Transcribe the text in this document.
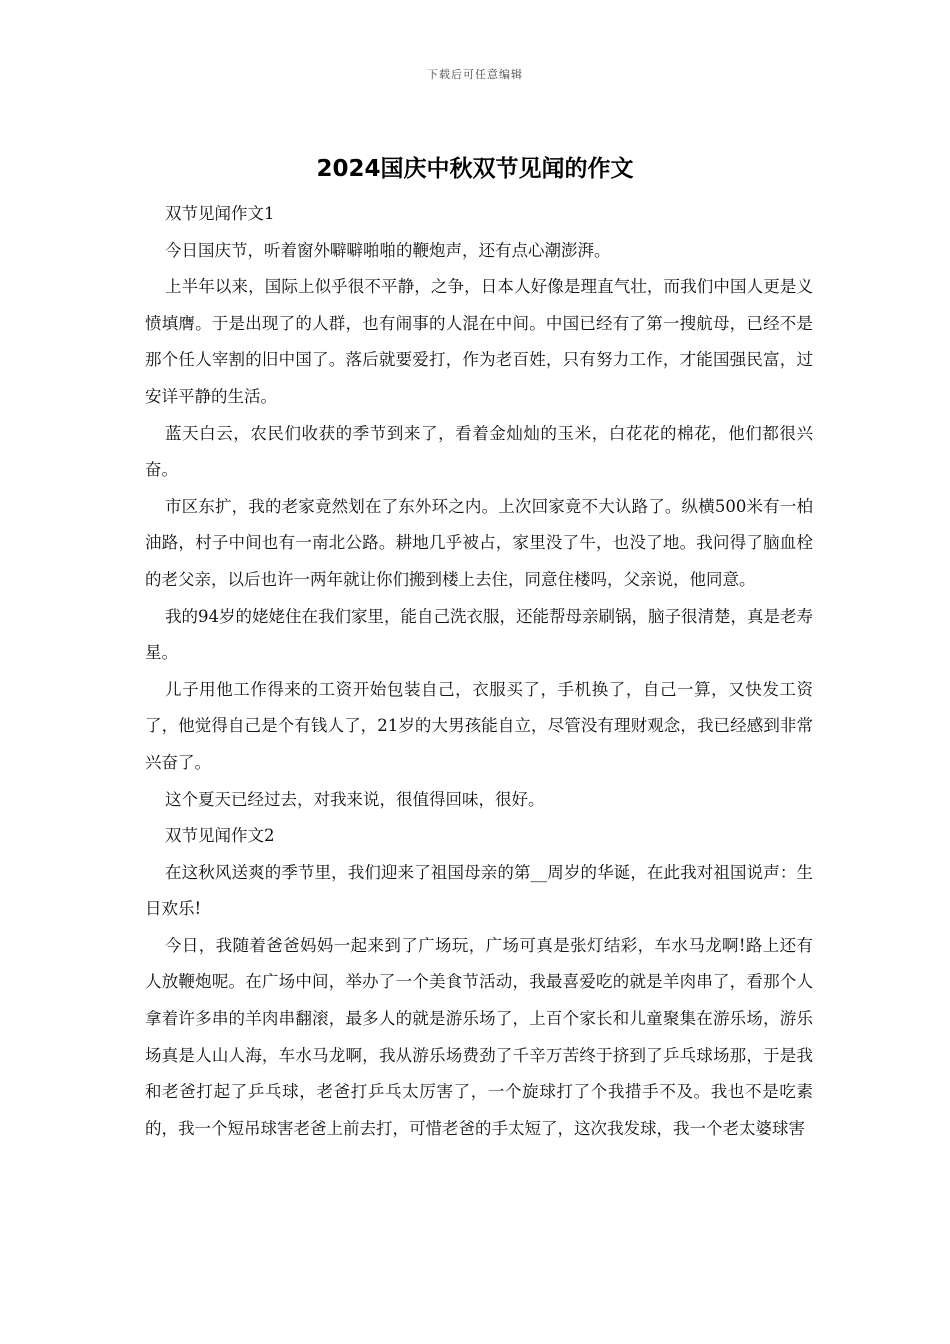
下载后可任意编辑
2024国庆中秋双节见闻的作文

双节见闻作文1

今日国庆节，听着窗外噼噼啪啪的鞭炮声，还有点心潮澎湃。

上半年以来，国际上似乎很不平静，之争，日本人好像是理直气壮，而我们中国人更是义愤填膺。于是出现了的人群，也有闹事的人混在中间。中国已经有了第一搜航母，已经不是那个任人宰割的旧中国了。落后就要爱打，作为老百姓，只有努力工作，才能国强民富，过安详平静的生活。

蓝天白云，农民们收获的季节到来了，看着金灿灿的玉米，白花花的棉花，他们都很兴奋。

市区东扩，我的老家竟然划在了东外环之内。上次回家竟不大认路了。纵横500米有一柏油路，村子中间也有一南北公路。耕地几乎被占，家里没了牛，也没了地。我问得了脑血栓的老父亲，以后也许一两年就让你们搬到楼上去住，同意住楼吗，父亲说，他同意。

我的94岁的姥姥住在我们家里，能自己洗衣服，还能帮母亲刷锅，脑子很清楚，真是老寿星。

儿子用他工作得来的工资开始包装自己，衣服买了，手机换了，自己一算，又快发工资了，他觉得自己是个有钱人了，21岁的大男孩能自立，尽管没有理财观念，我已经感到非常兴奋了。

这个夏天已经过去，对我来说，很值得回味，很好。

双节见闻作文2

在这秋风送爽的季节里，我们迎来了祖国母亲的第__周岁的华诞，在此我对祖国说声：生日欢乐!

今日，我随着爸爸妈妈一起来到了广场玩，广场可真是张灯结彩，车水马龙啊!路上还有人放鞭炮呢。在广场中间，举办了一个美食节活动，我最喜爱吃的就是羊肉串了，看那个人拿着许多串的羊肉串翻滚，最多人的就是游乐场了，上百个家长和儿童聚集在游乐场，游乐场真是人山人海，车水马龙啊，我从游乐场费劲了千辛万苦终于挤到了乒乓球场那，于是我和老爸打起了乒乓球，老爸打乒乓太厉害了，一个旋球打了个我措手不及。我也不是吃素的，我一个短吊球害老爸上前去打，可惜老爸的手太短了，这次我发球，我一个老太婆球害
